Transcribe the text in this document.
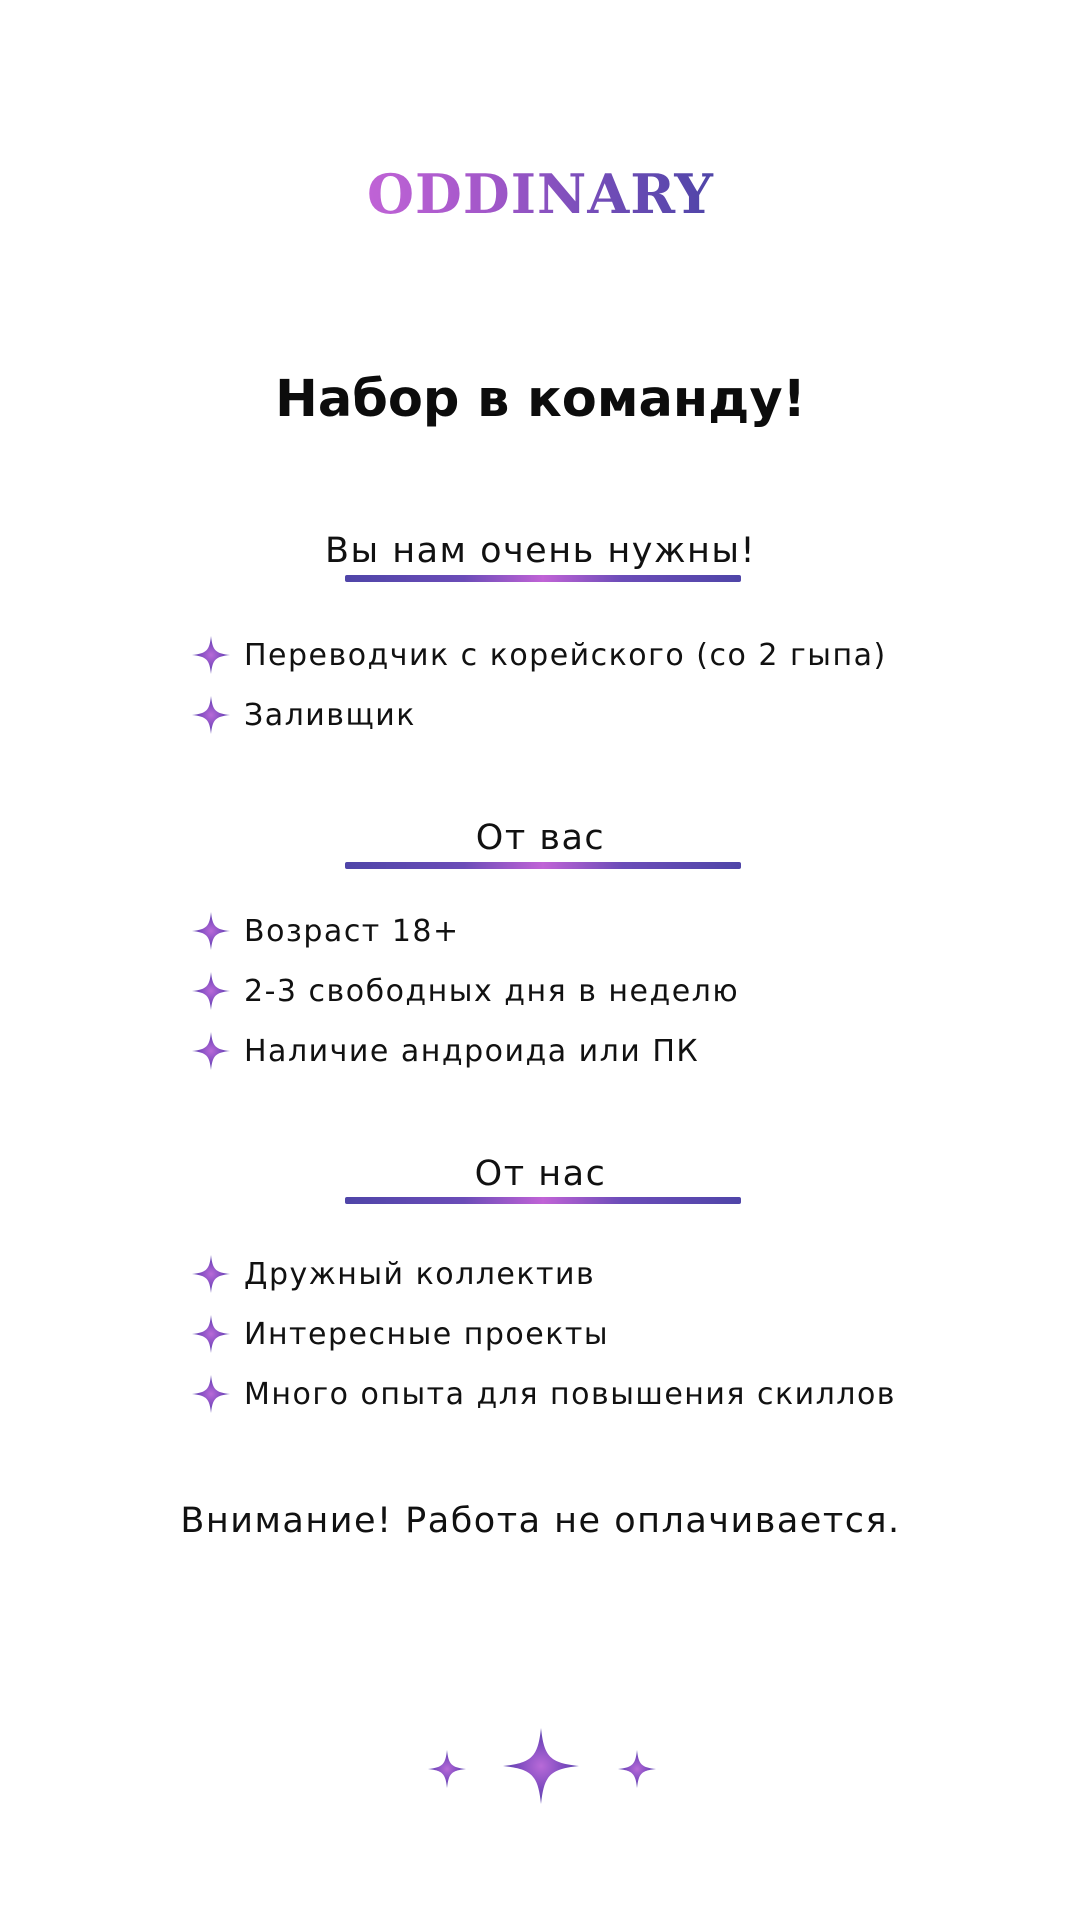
ODDINARY
Набор в команду!
Вы нам очень нужны!
Переводчик с корейского (со 2 гыпа)
Заливщик
От вас
Возраст 18+
2-3 свободных дня в неделю
Наличие андроида или ПК
От нас
Дружный коллектив
Интересные проекты
Много опыта для повышения скиллов
Внимание! Работа не оплачивается.
